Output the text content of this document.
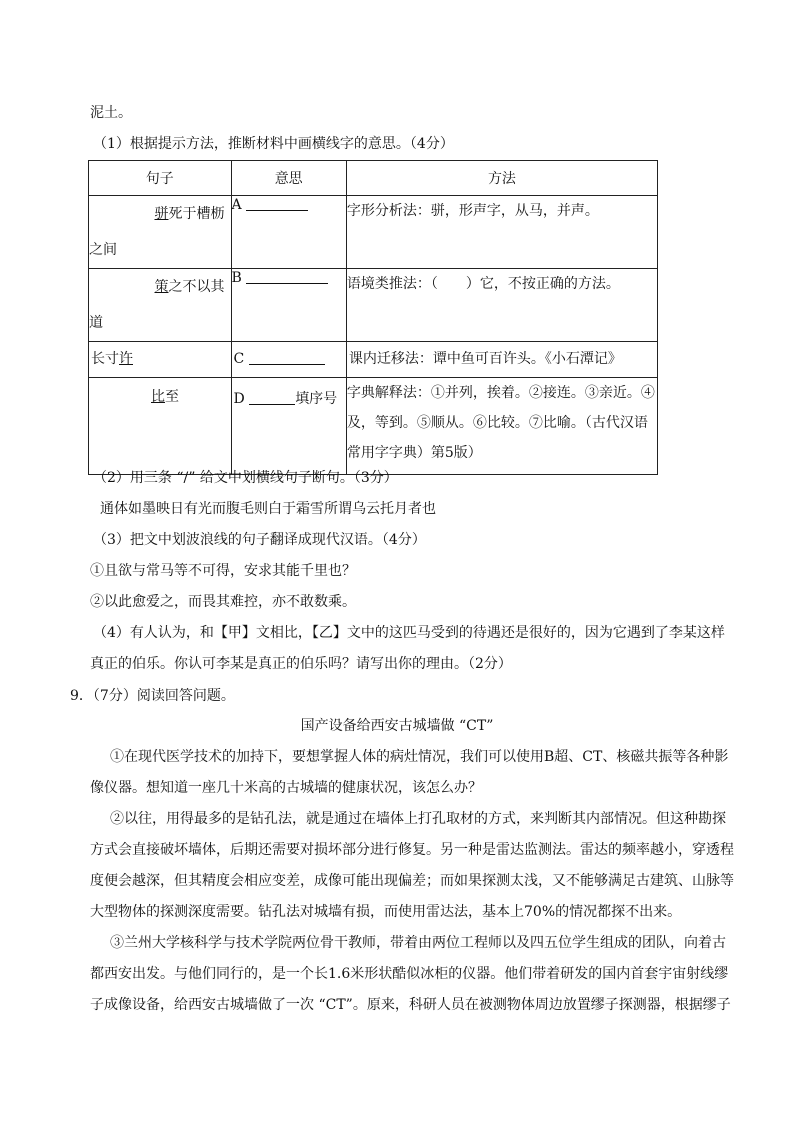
泥土。
（1）根据提示方法，推断材料中画横线字的意思。（4分）
句子	意思	方法

骈死于槽枥
之间	A	字形分析法：骈，形声字，从马，并声。

策之不以其
道	B	语境类推法：（　　）它，不按正确的方法。
长寸许	C	课内迁移法：谭中鱼可百许头。《小石潭记》
比至	D 填序号	字典解释法：①并列，挨着。②接连。③亲近。④及，等到。⑤顺从。⑥比较。⑦比喻。（古代汉语常用字字典）第5版）
（2）用三条 “/” 给文中划横线句子断句。（3分）
通体如墨映日有光而腹毛则白于霜雪所谓乌云托月者也
（3）把文中划波浪线的句子翻译成现代汉语。（4分）
①且欲与常马等不可得，安求其能千里也？
②以此愈爱之，而畏其难控，亦不敢数乘。
（4）有人认为，和【甲】文相比，【乙】文中的这匹马受到的待遇还是很好的，因为它遇到了李某这样
真正的伯乐。你认可李某是真正的伯乐吗？请写出你的理由。（2分）
9．（7分）阅读回答问题。
国产设备给西安古城墙做 “CT”
①在现代医学技术的加持下，要想掌握人体的病灶情况，我们可以使用B超、CT、核磁共振等各种影
像仪器。想知道一座几十米高的古城墙的健康状况，该怎么办？
②以往，用得最多的是钻孔法，就是通过在墙体上打孔取材的方式，来判断其内部情况。但这种勘探
方式会直接破坏墙体，后期还需要对损坏部分进行修复。另一种是雷达监测法。雷达的频率越小，穿透程
度便会越深，但其精度会相应变差，成像可能出现偏差；而如果探测太浅，又不能够满足古建筑、山脉等
大型物体的探测深度需要。钻孔法对城墙有损，而使用雷达法，基本上70%的情况都探不出来。
③兰州大学核科学与技术学院两位骨干教师，带着由两位工程师以及四五位学生组成的团队，向着古
都西安出发。与他们同行的，是一个长1.6米形状酷似冰柜的仪器。他们带着研发的国内首套宇宙射线缪
子成像设备，给西安古城墙做了一次 “CT”。原来，科研人员在被测物体周边放置缪子探测器，根据缪子
